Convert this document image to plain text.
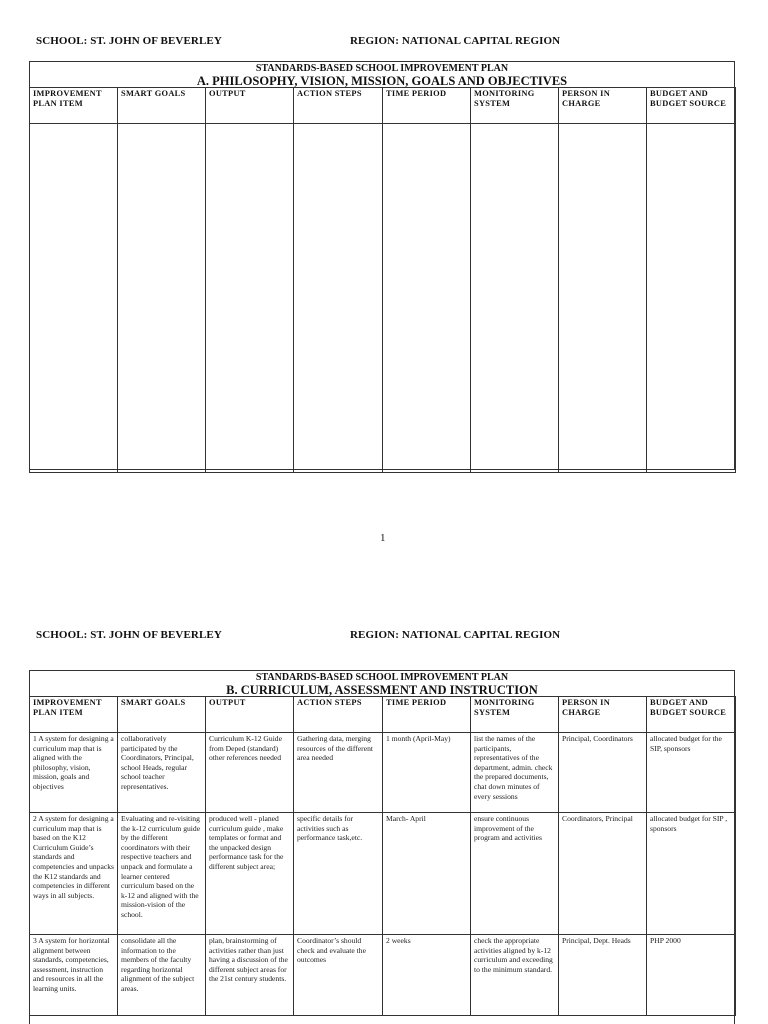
SCHOOL: ST. JOHN OF BEVERLEY	REGION: NATIONAL CAPITAL REGION
STANDARDS-BASED SCHOOL IMPROVEMENT PLAN
A. PHILOSOPHY, VISION, MISSION, GOALS AND OBJECTIVES
IMPROVEMENT PLAN ITEM	SMART GOALS	OUTPUT	ACTION STEPS	TIME PERIOD	MONITORING SYSTEM	PERSON IN CHARGE	BUDGET AND BUDGET SOURCE

1
SCHOOL: ST. JOHN OF BEVERLEY	REGION: NATIONAL CAPITAL REGION
STANDARDS-BASED SCHOOL IMPROVEMENT PLAN
B. CURRICULUM, ASSESSMENT AND INSTRUCTION
IMPROVEMENT PLAN ITEM	SMART GOALS	OUTPUT	ACTION STEPS	TIME PERIOD	MONITORING SYSTEM	PERSON IN CHARGE	BUDGET AND BUDGET SOURCE
1 A system for designing a curriculum map that is aligned with the philosophy, vision, mission, goals and objectives	collaboratively participated by the Coordinators, Principal, school Heads, regular school teacher representatives.	Curriculum K-12 Guide from Deped (standard) other references needed	Gathering data, merging resources of the different area needed	1 month (April-May)	list the names of the participants, representatives of the department, admin. check the prepared documents, chat down minutes of every sessions	Principal, Coordinators	allocated budget for the SIP, sponsors
2 A system for designing a curriculum map that is based on the K12 Curriculum Guide’s standards and competencies and unpacks the K12 standards and competencies in different ways in all subjects.	Evaluating and re-visiting the k-12 curriculum guide by the different coordinators with their respective teachers and unpack and formulate a learner centered curriculum based on the k-12 and aligned with the mission-vision of the school.	produced well - planed curriculum guide , make templates or format and the unpacked design performance task for the different subject area;	specific details for activities such as performance task,etc.	March- April	ensure continuous improvement of the program and activities	Coordinators, Principal	allocated budget for SIP , sponsors
3 A system for horizontal alignment between standards, competencies, assessment, instruction and resources in all the learning units.	consolidate all the information to the members of the faculty regarding horizontal alignment of the subject areas.	plan, brainstorming of activities rather than just having a discussion of the different subject areas for the 21st century students.	Coordinator’s should check and evaluate the outcomes	2 weeks	check the appropriate activities aligned by k-12 curriculum and exceeding to the minimum standard.	Principal, Dept. Heads	PHP 2000
